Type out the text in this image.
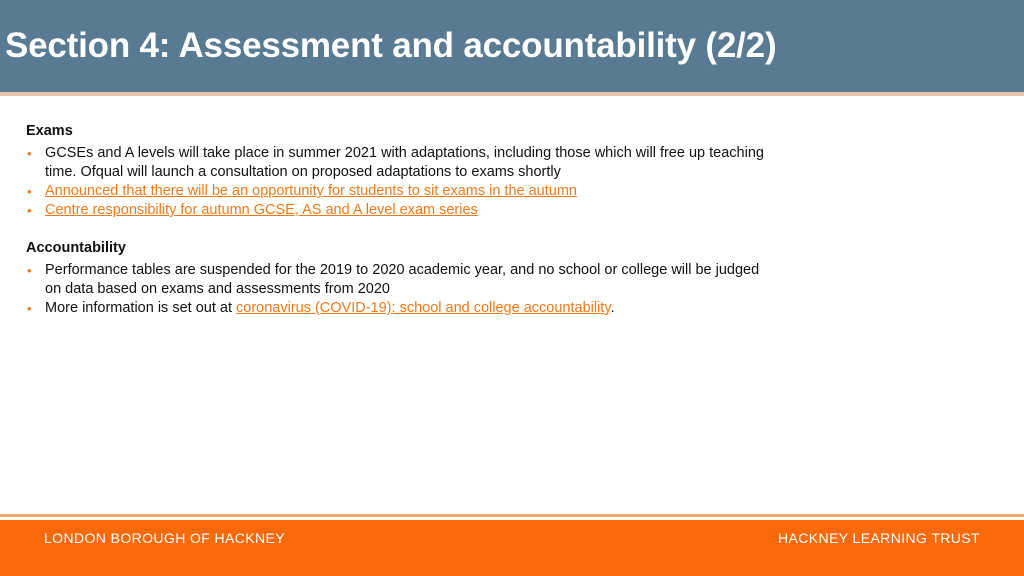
Section 4: Assessment and accountability (2/2)
Exams
• GCSEs and A levels will take place in summer 2021 with adaptations, including those which will free up teaching time. Ofqual will launch a consultation on proposed adaptations to exams shortly
• Announced that there will be an opportunity for students to sit exams in the autumn
• Centre responsibility for autumn GCSE, AS and A level exam series
Accountability
• Performance tables are suspended for the 2019 to 2020 academic year, and no school or college will be judged on data based on exams and assessments from 2020
• More information is set out at coronavirus (COVID-19): school and college accountability.
LONDON BOROUGH OF HACKNEY	HACKNEY LEARNING TRUST
